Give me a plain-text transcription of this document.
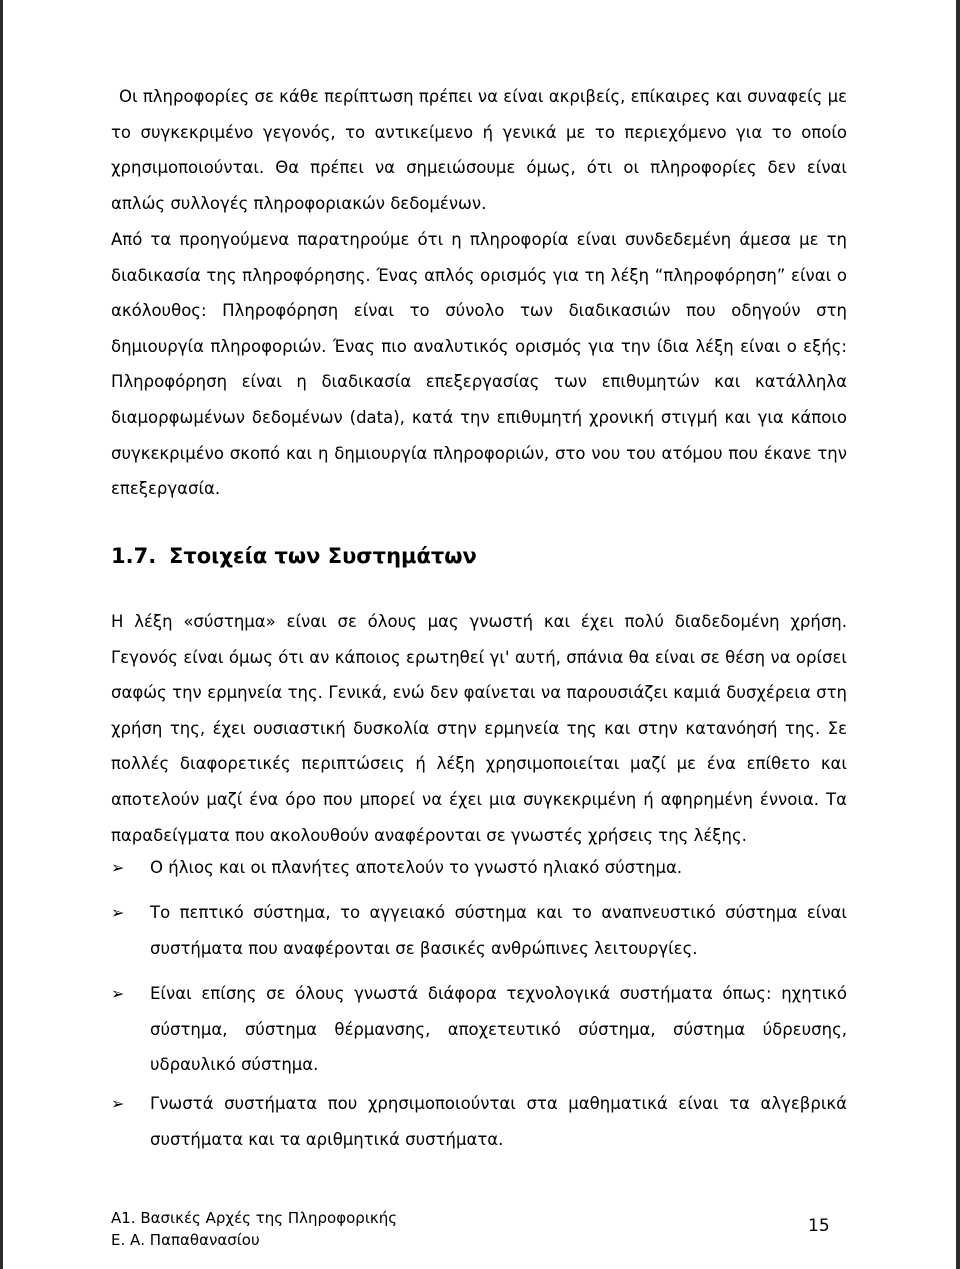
Οι πληροφορίες σε κάθε περίπτωση πρέπει να είναι ακριβείς, επίκαιρες και συναφείς με το συγκεκριμένο γεγονός, το αντικείμενο ή γενικά με το περιεχόμενο για το οποίο χρησιμοποιούνται. Θα πρέπει να σημειώσουμε όμως, ότι οι πληροφορίες δεν είναι απλώς συλλογές πληροφοριακών δεδομένων.

Από τα προηγούμενα παρατηρούμε ότι η πληροφορία είναι συνδεδεμένη άμεσα με τη διαδικασία της πληροφόρησης. Ένας απλός ορισμός για τη λέξη “πληροφόρηση” είναι ο ακόλουθος: Πληροφόρηση είναι το σύνολο των διαδικασιών που οδηγούν στη δημιουργία πληροφοριών. Ένας πιο αναλυτικός ορισμός για την ίδια λέξη είναι ο εξής: Πληροφόρηση είναι η διαδικασία επεξεργασίας των επιθυμητών και κατάλληλα διαμορφωμένων δεδομένων (data), κατά την επιθυμητή χρονική στιγμή και για κάποιο συγκεκριμένο σκοπό και η δημιουργία πληροφοριών, στο νου του ατόμου που έκανε την επεξεργασία.

1.7. Στοιχεία των Συστημάτων

Η λέξη «σύστημα» είναι σε όλους μας γνωστή και έχει πολύ διαδεδομένη χρήση. Γεγονός είναι όμως ότι αν κάποιος ερωτηθεί γι' αυτή, σπάνια θα είναι σε θέση να ορίσει σαφώς την ερμηνεία της. Γενικά, ενώ δεν φαίνεται να παρουσιάζει καμιά δυσχέρεια στη χρήση της, έχει ουσιαστική δυσκολία στην ερμηνεία της και στην κατανόησή της. Σε πολλές διαφορετικές περιπτώσεις ή λέξη χρησιμοποιείται μαζί με ένα επίθετο και αποτελούν μαζί ένα όρο που μπορεί να έχει μια συγκεκριμένη ή αφηρημένη έννοια. Τα παραδείγματα που ακολουθούν αναφέρονται σε γνωστές χρήσεις της λέξης.

➢ Ο ήλιος και οι πλανήτες αποτελούν το γνωστό ηλιακό σύστημα.
➢ Το πεπτικό σύστημα, το αγγειακό σύστημα και το αναπνευστικό σύστημα είναι συστήματα που αναφέρονται σε βασικές ανθρώπινες λειτουργίες.
➢ Είναι επίσης σε όλους γνωστά διάφορα τεχνολογικά συστήματα όπως: ηχητικό σύστημα, σύστημα θέρμανσης, αποχετευτικό σύστημα, σύστημα ύδρευσης, υδραυλικό σύστημα.
➢ Γνωστά συστήματα που χρησιμοποιούνται στα μαθηματικά είναι τα αλγεβρικά συστήματα και τα αριθμητικά συστήματα.
Α1. Βασικές Αρχές της Πληροφορικής
Ε. Α. Παπαθανασίου
15
